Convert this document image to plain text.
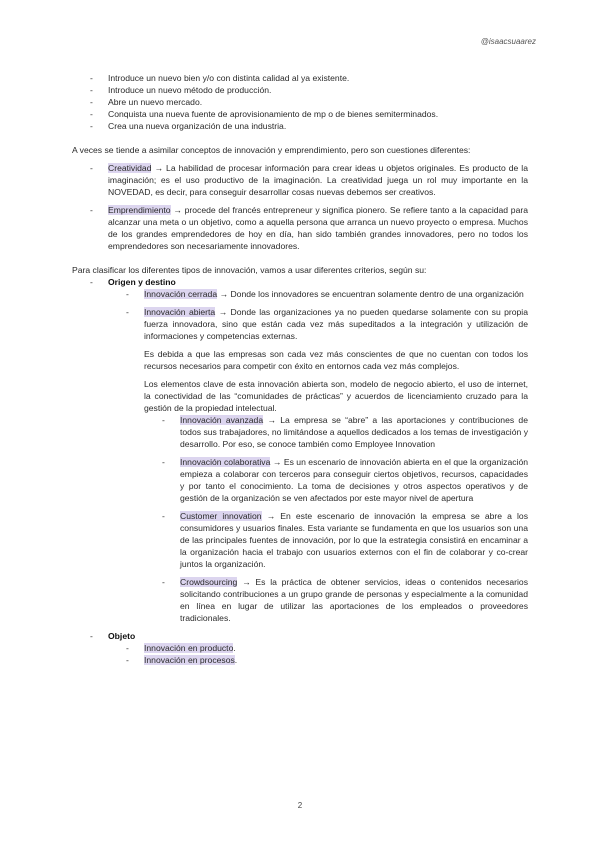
@isaacsuaarez
- Introduce un nuevo bien y/o con distinta calidad al ya existente.
- Introduce un nuevo método de producción.
- Abre un nuevo mercado.
- Conquista una nueva fuente de aprovisionamiento de mp o de bienes semiterminados.
- Crea una nueva organización de una industria.

A veces se tiende a asimilar conceptos de innovación y emprendimiento, pero son cuestiones diferentes:

- Creatividad → La habilidad de procesar información para crear ideas u objetos originales. Es producto de la imaginación; es el uso productivo de la imaginación. La creatividad juega un rol muy importante en la NOVEDAD, es decir, para conseguir desarrollar cosas nuevas debemos ser creativos.
- Emprendimiento → procede del francés entrepreneur y significa pionero. Se refiere tanto a la capacidad para alcanzar una meta o un objetivo, como a aquella persona que arranca un nuevo proyecto o empresa. Muchos de los grandes emprendedores de hoy en día, han sido también grandes innovadores, pero no todos los emprendedores son necesariamente innovadores.

Para clasificar los diferentes tipos de innovación, vamos a usar diferentes criterios, según su:

- Origen y destino
- Innovación cerrada → Donde los innovadores se encuentran solamente dentro de una organización
- Innovación abierta → Donde las organizaciones ya no pueden quedarse solamente con su propia fuerza innovadora, sino que están cada vez más supeditados a la integración y utilización de informaciones y competencias externas.

Es debida a que las empresas son cada vez más conscientes de que no cuentan con todos los recursos necesarios para competir con éxito en entornos cada vez más complejos.

Los elementos clave de esta innovación abierta son, modelo de negocio abierto, el uso de internet, la conectividad de las “comunidades de prácticas” y acuerdos de licenciamiento cruzado para la gestión de la propiedad intelectual.

- Innovación avanzada → La empresa se “abre” a las aportaciones y contribuciones de todos sus trabajadores, no limitándose a aquellos dedicados a los temas de investigación y desarrollo. Por eso, se conoce también como Employee Innovation
- Innovación colaborativa → Es un escenario de innovación abierta en el que la organización empieza a colaborar con terceros para conseguir ciertos objetivos, recursos, capacidades y por tanto el conocimiento. La toma de decisiones y otros aspectos operativos y de gestión de la organización se ven afectados por este mayor nivel de apertura
- Customer innovation → En este escenario de innovación la empresa se abre a los consumidores y usuarios finales. Esta variante se fundamenta en que los usuarios son una de las principales fuentes de innovación, por lo que la estrategia consistirá en encaminar a la organización hacia el trabajo con usuarios externos con el fin de colaborar y co-crear juntos la organización.
- Crowdsourcing → Es la práctica de obtener servicios, ideas o contenidos necesarios solicitando contribuciones a un grupo grande de personas y especialmente a la comunidad en línea en lugar de utilizar las aportaciones de los empleados o proveedores tradicionales.
- Objeto
- Innovación en producto.
- Innovación en procesos.
2
